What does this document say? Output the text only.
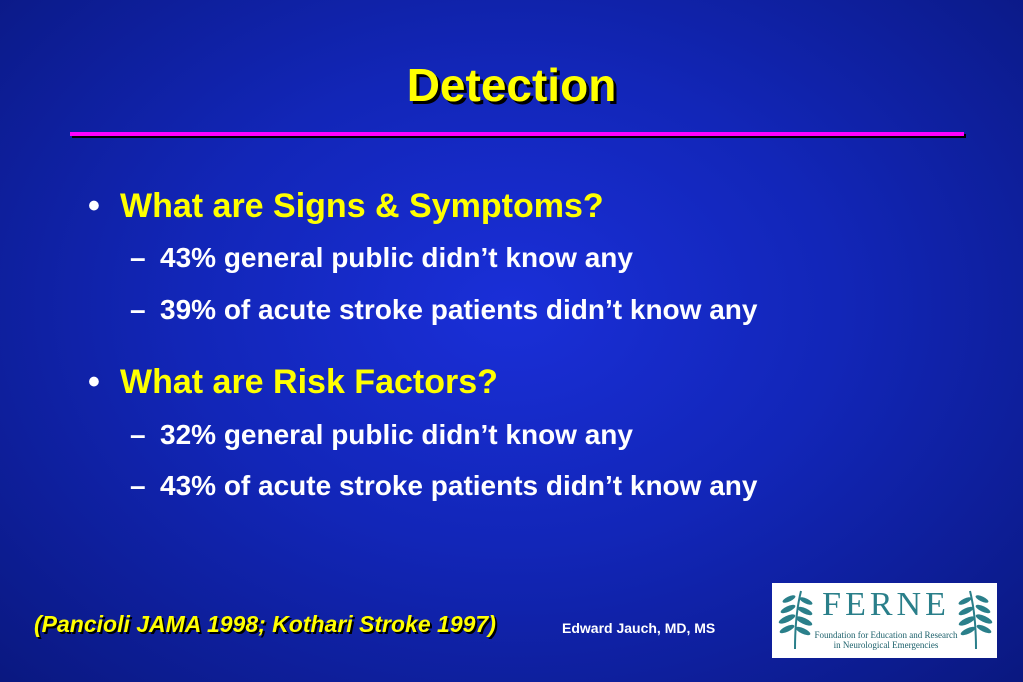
Detection
• What are Signs & Symptoms?
– 43% general public didn’t know any
– 39% of acute stroke patients didn’t know any
• What are Risk Factors?
– 32% general public didn’t know any
– 43% of acute stroke patients didn’t know any
(Pancioli JAMA 1998; Kothari Stroke 1997)	Edward Jauch, MD, MS
FERNE
Foundation for Education and Research
in Neurological Emergencies
